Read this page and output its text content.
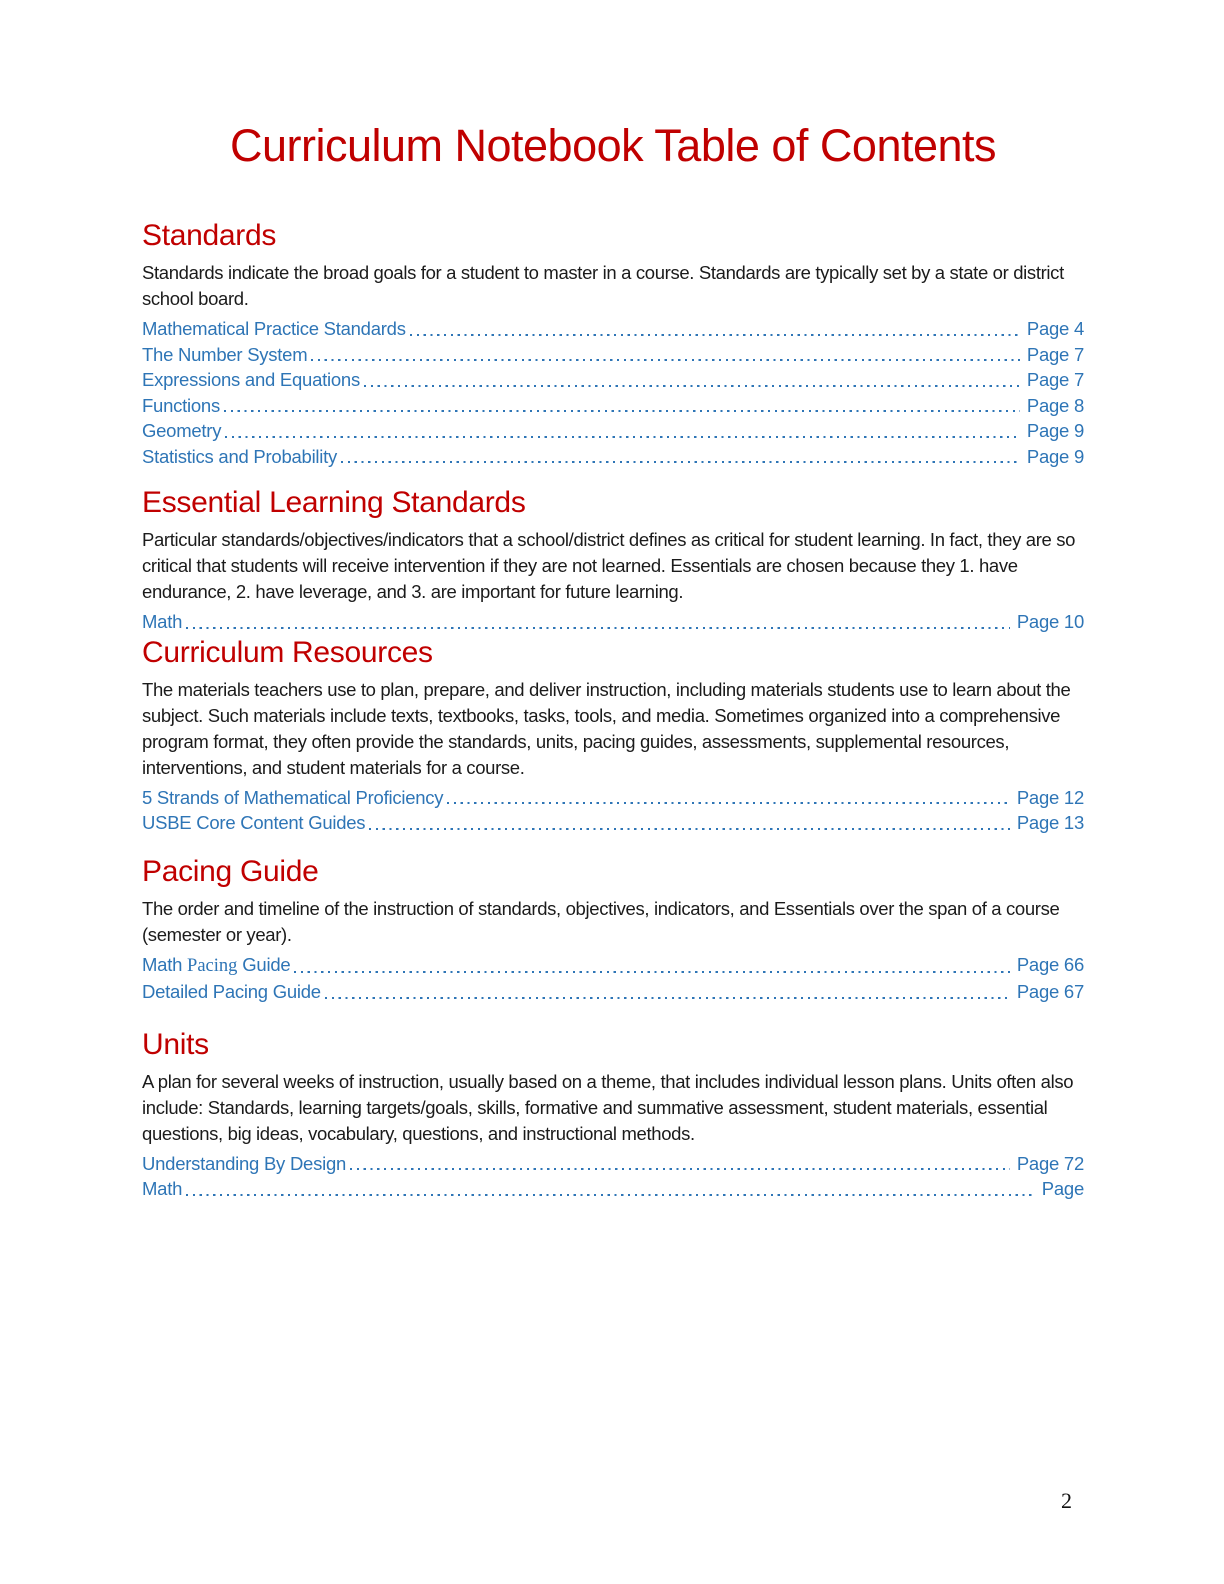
Curriculum Notebook Table of Contents
Standards

Standards indicate the broad goals for a student to master in a course. Standards are typically set by a state or district school board.

Mathematical Practice Standards	Page 4
The Number System	Page 7
Expressions and Equations	Page 7
Functions	Page 8
Geometry	Page 9
Statistics and Probability	Page 9
Essential Learning Standards

Particular standards/objectives/indicators that a school/district defines as critical for student learning. In fact, they are so critical that students will receive intervention if they are not learned. Essentials are chosen because they 1. have endurance, 2. have leverage, and 3. are important for future learning.

Math	Page 10
Curriculum Resources

The materials teachers use to plan, prepare, and deliver instruction, including materials students use to learn about the subject. Such materials include texts, textbooks, tasks, tools, and media. Sometimes organized into a comprehensive program format, they often provide the standards, units, pacing guides, assessments, supplemental resources, interventions, and student materials for a course.

5 Strands of Mathematical Proficiency	Page 12
USBE Core Content Guides	Page 13
Pacing Guide

The order and timeline of the instruction of standards, objectives, indicators, and Essentials over the span of a course (semester or year).

Math Pacing Guide	Page 66
Detailed Pacing Guide	Page 67
Units

A plan for several weeks of instruction, usually based on a theme, that includes individual lesson plans. Units often also include: Standards, learning targets/goals, skills, formative and summative assessment, student materials, essential questions, big ideas, vocabulary, questions, and instructional methods.

Understanding By Design	Page 72
Math	Page
2
